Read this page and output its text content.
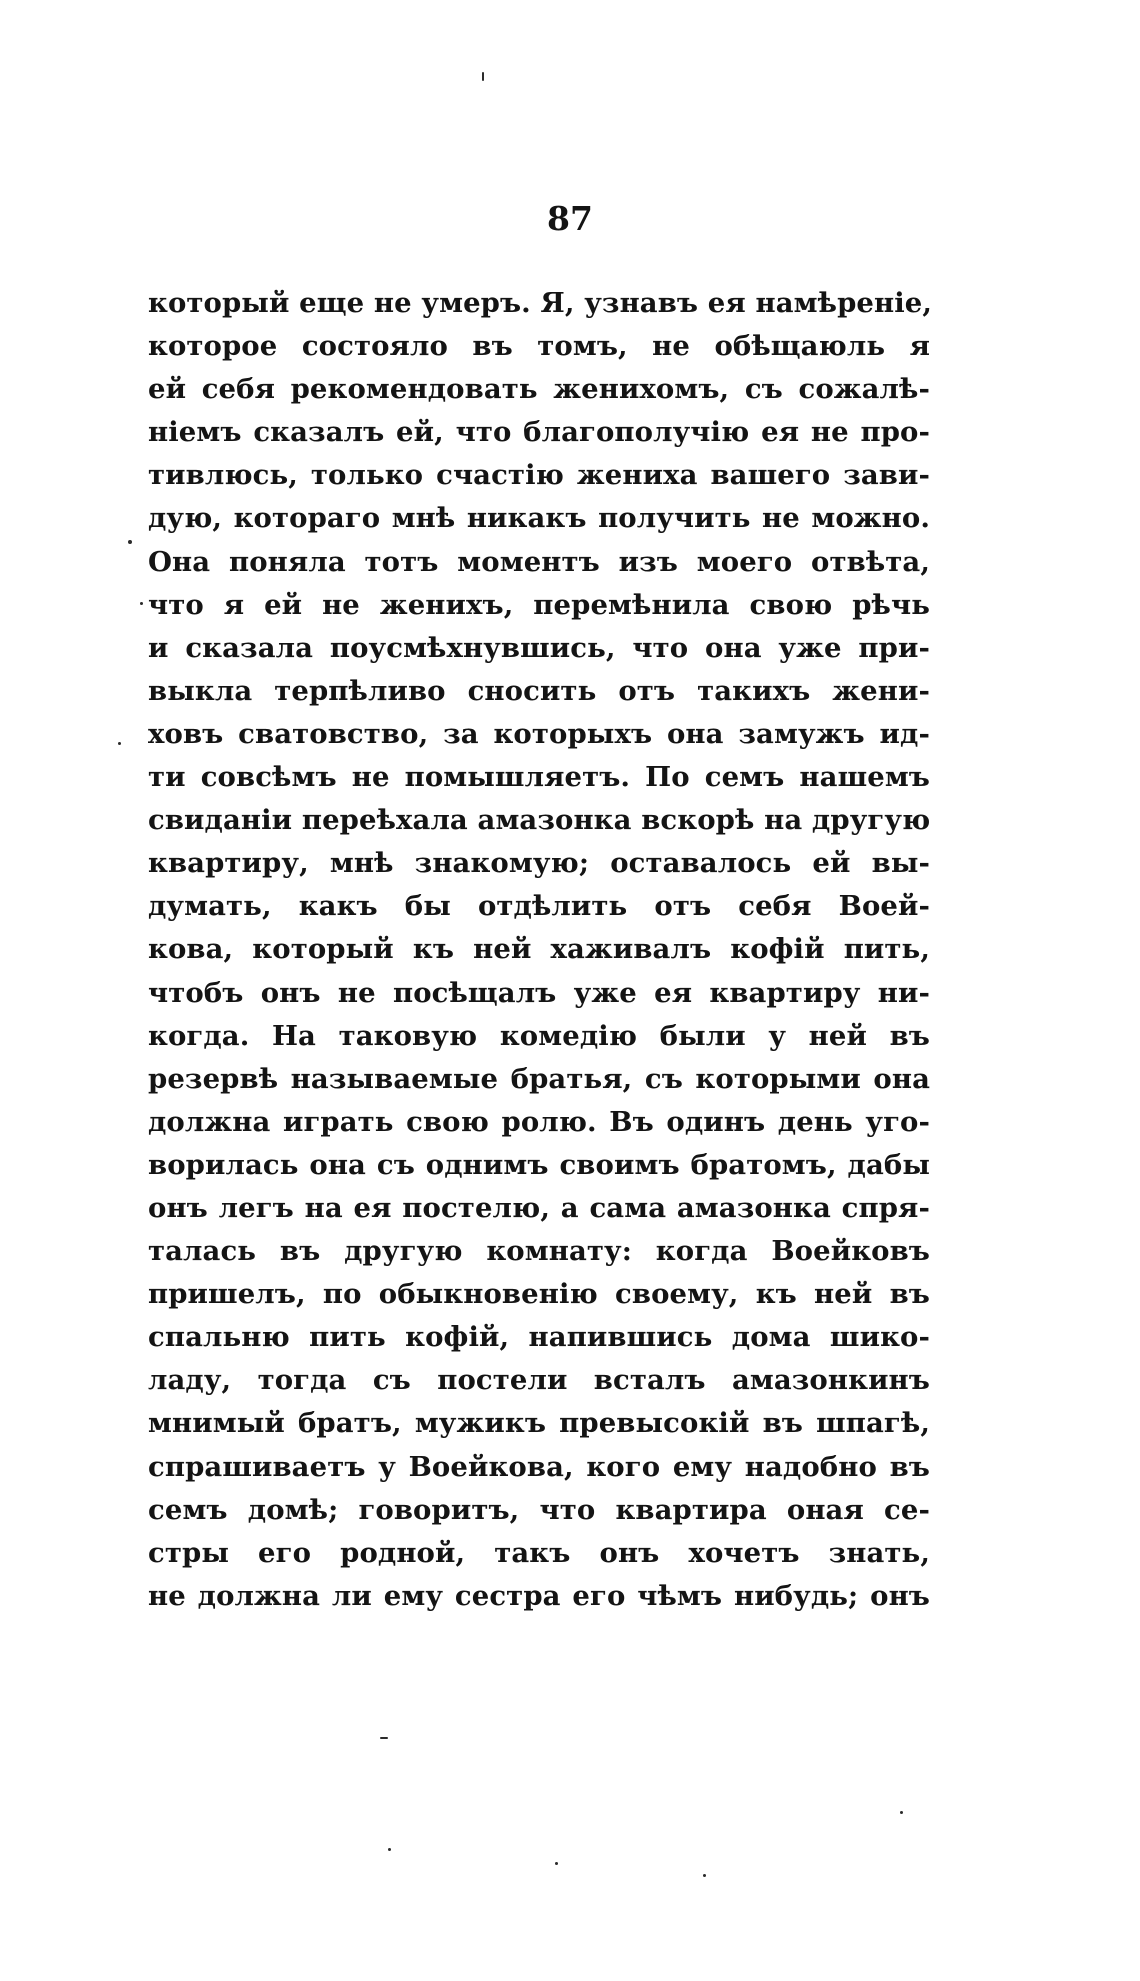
87
который еще не умеръ. Я, узнавъ ея намѣреніе,
которое состояло въ томъ, не обѣщаюль я
ей себя рекомендовать женихомъ, съ сожалѣ-
ніемъ сказалъ ей, что благополучію ея не про-
тивлюсь, только счастію жениха вашего зави-
дую, котораго мнѣ никакъ получить не можно.
Она поняла тотъ моментъ изъ моего отвѣта,
что я ей не женихъ, перемѣнила свою рѣчь
и сказала поусмѣхнувшись, что она уже при-
выкла терпѣливо сносить отъ такихъ жени-
ховъ сватовство, за которыхъ она замужъ ид-
ти совсѣмъ не помышляетъ. По семъ нашемъ
свиданіи переѣхала амазонка вскорѣ на другую
квартиру, мнѣ знакомую; оставалось ей вы-
думать, какъ бы отдѣлить отъ себя Воей-
кова, который къ ней хаживалъ кофій пить,
чтобъ онъ не посѣщалъ уже ея квартиру ни-
когда. На таковую комедію были у ней въ
резервѣ называемые братья, съ которыми она
должна играть свою ролю. Въ одинъ день уго-
ворилась она съ однимъ своимъ братомъ, дабы
онъ легъ на ея постелю, а сама амазонка спря-
талась въ другую комнату: когда Воейковъ
пришелъ, по обыкновенію своему, къ ней въ
спальню пить кофій, напившись дома шико-
ладу, тогда съ постели всталъ амазонкинъ
мнимый братъ, мужикъ превысокій въ шпагѣ,
спрашиваетъ у Воейкова, кого ему надобно въ
семъ домѣ; говоритъ, что квартира оная се-
стры его родной, такъ онъ хочетъ знать,
не должна ли ему сестра его чѣмъ нибудь; онъ
